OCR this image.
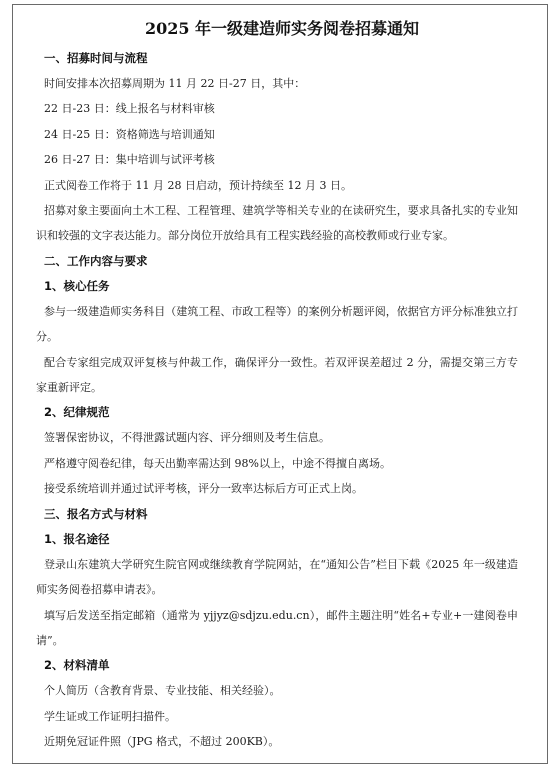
2025 年一级建造师实务阅卷招募通知
一、招募时间与流程
时间安排本次招募周期为 11 月 22 日-27 日，其中：
22 日-23 日：线上报名与材料审核
24 日-25 日：资格筛选与培训通知
26 日-27 日：集中培训与试评考核
正式阅卷工作将于 11 月 28 日启动，预计持续至 12 月 3 日。
招募对象主要面向土木工程、工程管理、建筑学等相关专业的在读研究生，要求具备扎实的专业知识和较强的文字表达能力。部分岗位开放给具有工程实践经验的高校教师或行业专家。
二、工作内容与要求
1、核心任务
参与一级建造师实务科目（建筑工程、市政工程等）的案例分析题评阅，依据官方评分标准独立打分。
配合专家组完成双评复核与仲裁工作，确保评分一致性。若双评误差超过 2 分，需提交第三方专家重新评定。
2、纪律规范
签署保密协议，不得泄露试题内容、评分细则及考生信息。
严格遵守阅卷纪律，每天出勤率需达到 98%以上，中途不得擅自离场。
接受系统培训并通过试评考核，评分一致率达标后方可正式上岗。
三、报名方式与材料
1、报名途径
登录山东建筑大学研究生院官网或继续教育学院网站，在“通知公告”栏目下载《2025 年一级建造师实务阅卷招募申请表》。
填写后发送至指定邮箱（通常为 yjjyz@sdjzu.edu.cn），邮件主题注明“姓名+专业+一建阅卷申请”。
2、材料清单
个人简历（含教育背景、专业技能、相关经验）。
学生证或工作证明扫描件。
近期免冠证件照（JPG 格式，不超过 200KB）。
